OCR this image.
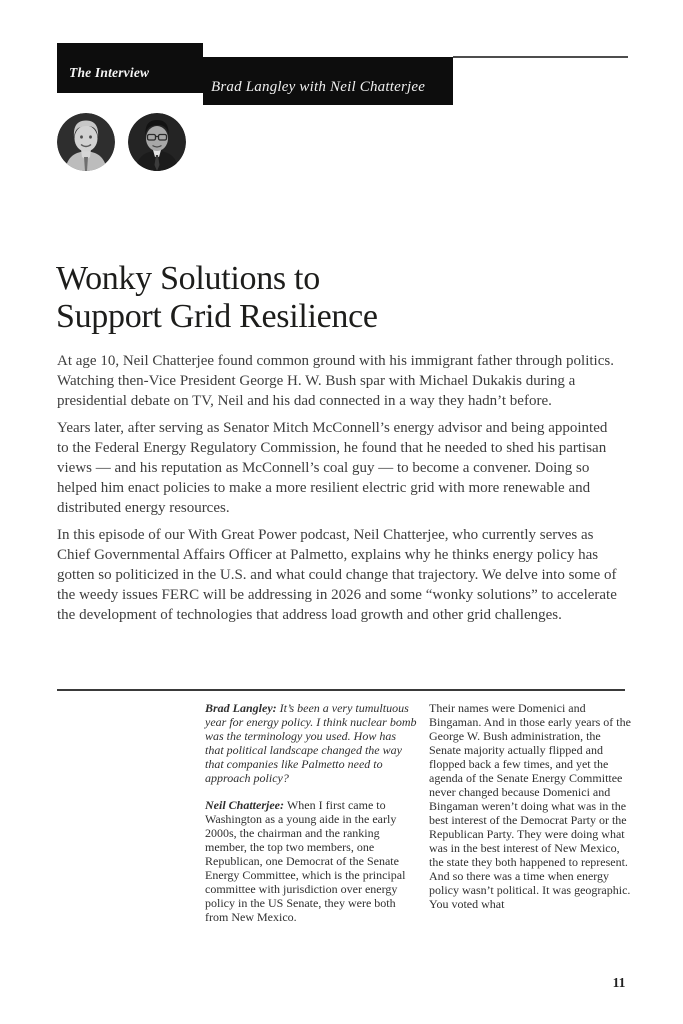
The Interview
Brad Langley with Neil Chatterjee
Wonky Solutions to
Support Grid Resilience

At age 10, Neil Chatterjee found common ground with his immigrant father through politics. Watching then-Vice President George H. W. Bush spar with Michael Dukakis during a presidential debate on TV, Neil and his dad connected in a way they hadn’t before.

Years later, after serving as Senator Mitch McConnell’s energy advisor and being appointed to the Federal Energy Regulatory Commission, he found that he needed to shed his partisan views — and his reputation as McConnell’s coal guy — to become a convener. Doing so helped him enact policies to make a more resilient electric grid with more renewable and distributed energy resources.

In this episode of our With Great Power podcast, Neil Chatterjee, who currently serves as Chief Governmental Affairs Officer at Palmetto, explains why he thinks energy policy has gotten so politicized in the U.S. and what could change that trajectory. We delve into some of the weedy issues FERC will be addressing in 2026 and some “wonky solutions” to accelerate the development of technologies that address load growth and other grid challenges.

Brad Langley: It’s been a very tumultuous year for energy policy. I think nuclear bomb was the terminology you used. How has that political landscape changed the way that companies like Palmetto need to approach policy?

Neil Chatterjee: When I first came to Washington as a young aide in the early 2000s, the chairman and the ranking member, the top two members, one Republican, one Democrat of the Senate Energy Committee, which is the principal committee with jurisdiction over energy policy in the US Senate, they were both from New Mexico.

Their names were Domenici and Bingaman. And in those early years of the George W. Bush administration, the Senate majority actually flipped and flopped back a few times, and yet the agenda of the Senate Energy Committee never changed because Domenici and Bingaman weren’t doing what was in the best interest of the Democrat Party or the Republican Party. They were doing what was in the best interest of New Mexico, the state they both happened to represent. And so there was a time when energy policy wasn’t political. It was geographic. You voted what

11
